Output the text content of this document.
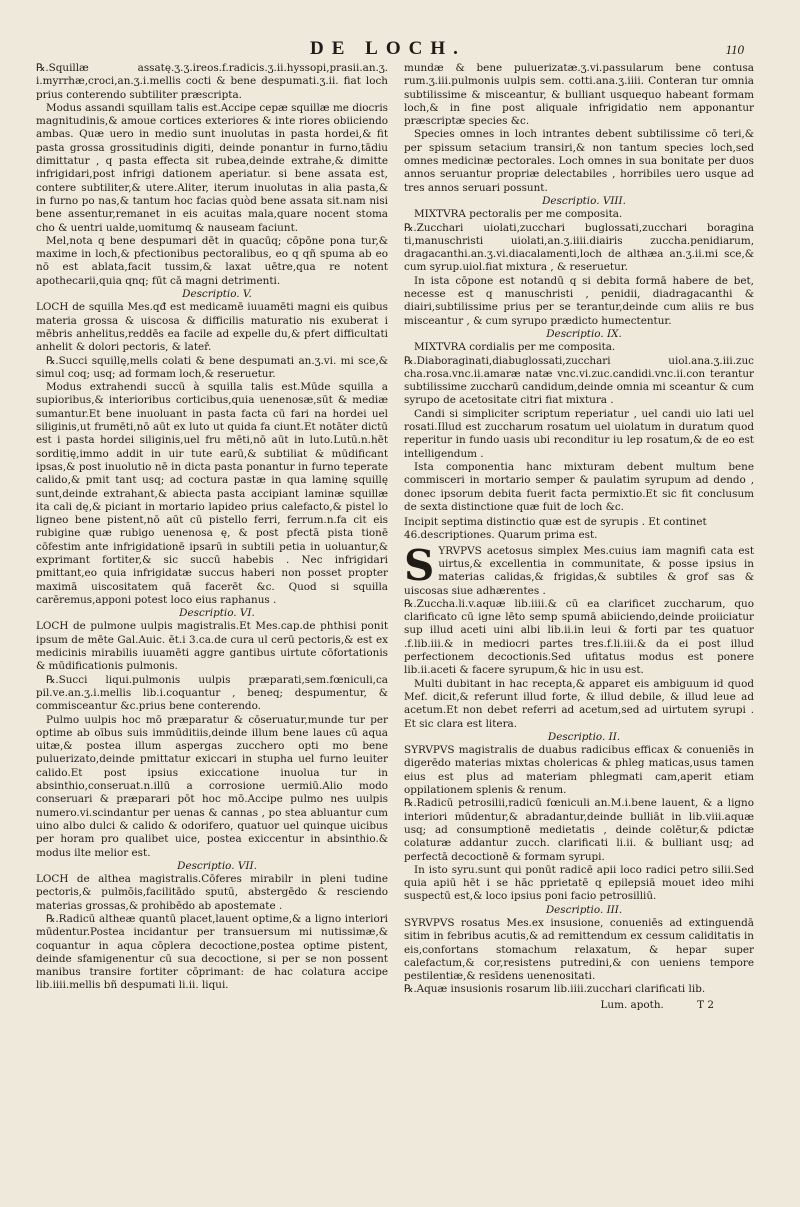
DE LOCH.	110

℞.Squillæ assatę.ʒ.ʒ.ireos.f.radicis.ʒ.ii.hyssopi,prasii.an.ʒ. i.myrrhæ,croci,an.ʒ.i.mellis cocti & bene despumati.ʒ.ii. fiat loch prius conterendo subtiliter præscripta.

Modus assandi squillam talis est.Accipe cepæ squillæ me diocris magnitudinis,& amoue cortices exteriores & inte riores obiiciendo ambas. Quæ uero in medio sunt inuolutas in pasta hordei,& fit pasta grossa grossitudinis digiti, deinde ponantur in furno,tādiu dimittatur , q pasta effecta sit rubea,deinde extrahe,& dimitte infrigidari,post infrigi dationem aperiatur. si bene assata est, contere subtiliter,& utere.Aliter, iterum inuolutas in alia pasta,& in furno po nas,& tantum hoc facias quòd bene assata sit.nam nisi bene assentur,remanet in eis acuitas mala,quare nocent stoma cho & uentri ualde,uomitumq & nauseam faciunt.

Mel,nota q bene despumari dēt in quacūq; cōpōne pona tur,& maxime in loch,& pfectionibus pectoralibus, eo q qñ spuma ab eo nō est ablata,facit tussim,& laxat uētre,qua re notent apothecarii,quia qnq; fūt cā magni detrimenti.

Descriptio. V.

LOCH de squilla Mes.qđ est medicamē iuuamēti magni eis quibus materia grossa & uiscosa & difficilis maturatio nis exuberat i mēbris anhelitus,reddēs ea facile ad expelle du,& pfert difficultati anhelit & dolori pectoris, & lateř.

℞.Succi squillę,mells colati & bene despumati an.ʒ.vi. mi sce,& simul coq; usq; ad formam loch,& reseruetur.

Modus extrahendi succū à squilla talis est.Mūde squilla a supioribus,& interioribus corticibus,quia uenenosæ,sūt & mediæ sumantur.Et bene inuoluant in pasta facta cū fari na hordei uel siliginis,ut frumēti,nō aūt ex luto ut quida fa ciunt.Et notāter dictū est i pasta hordei siliginis,uel fru mēti,nō aūt in luto.Lutū.n.hēt sorditię,immo addit in uir tute earū,& subtiliat & mūdificant ipsas,& post inuolutio nē in dicta pasta ponantur in furno teperate calido,& pmit tant usq; ad coctura pastæ in qua laminę squillę sunt,deinde extrahant,& abiecta pasta accipiant laminæ squillæ ita cali dę,& piciant in mortario lapideo prius calefacto,& pistel lo ligneo bene pistent,nō aūt cū pistello ferri, ferrum.n.fa cit eis rubigine quæ rubigo uenenosa ę, & post pfectā pista tionē cōfestim ante infrigidationē ipsarū in subtili petia in uoluantur,& exprimant fortiter,& sic succū habebis . Nec infrigidari pmittant,eo quia infrigidatæ succus haberi non posset propter maximā uiscositatem quā facerēt &c. Quod si squilla carēremus,apponi potest loco eius raphanus .

Descriptio. VI.

LOCH de pulmone uulpis magistralis.Et Mes.cap.de phthisi ponit ipsum de mēte Gal.Auic. ēt.i 3.ca.de cura ul cerū pectoris,& est ex medicinis mirabilis iuuamēti aggre gantibus uirtute cōfortationis & mūdificationis pulmonis.

℞.Succi liqui.pulmonis uulpis præparati,sem.fœniculi,ca pil.ve.an.ʒ.i.mellis lib.i.coquantur , beneq; despumentur, & commisceantur &c.prius bene conterendo.

Pulmo uulpis hoc mō præparatur & cōseruatur,munde tur per optime ab oībus suis immūditiis,deinde illum bene laues cū aqua uitæ,& postea illum aspergas zucchero opti mo bene puluerizato,deinde pmittatur exiccari in stupha uel furno leuiter calido.Et post ipsius exiccatione inuolua tur in absinthio,conseruat.n.illū a corrosione uermiū.Alio modo conseruari & præparari pōt hoc mō.Accipe pulmo nes uulpis numero.vi.scindantur per uenas & cannas , po stea abluantur cum uino albo dulci & calido & odorifero, quatuor uel quinque uicibus per horam pro qualibet uice, postea exiccentur in absinthio.& modus ilte melior est.

Descriptio. VII.

LOCH de althea magistralis.Cōferes mirabilr in pleni tudine pectoris,& pulmōis,facilitādo sputū, abstergēdo & resciendo materias grossas,& prohibēdo ab apostemate .

℞.Radicū altheæ quantū placet,lauent optime,& a ligno interiori mūdentur.Postea incidantur per transuersum mi nutissimæ,& coquantur in aqua cōplera decoctione,postea optime pistent, deinde sfamigenentur cū sua decoctione, si per se non possent manibus transire fortiter cōprimant: de hac colatura accipe lib.iiii.mellis bñ despumati li.ii. liqui.

mundæ & bene puluerizatæ.ʒ.vi.passularum bene contusa rum.ʒ.iii.pulmonis uulpis sem. cotti.ana.ʒ.iiii. Conteran tur omnia subtilissime & misceantur, & bulliant usquequo habeant formam loch,& in fine post aliquale infrigidatio nem apponantur præscriptæ species &c.

Species omnes in loch intrantes debent subtilissime cō teri,& per spissum setacium transiri,& non tantum species loch,sed omnes medicinæ pectorales. Loch omnes in sua bonitate per duos annos seruantur propriæ delectabiles , horribiles uero usque ad tres annos seruari possunt.

Descriptio. VIII.

MIXTVRA pectoralis per me composita.

℞.Zucchari uiolati,zucchari buglossati,zucchari boragina ti,manuschristi uiolati,an.ʒ.iiii.diairis zuccha.penidiarum, dragacanthi.an.ʒ.vi.diacalamenti,loch de althæa an.ʒ.ii.mi sce,& cum syrup.uiol.fiat mixtura , & reseruetur.

In ista cōpone est notandū q si debita formā habere de bet, necesse est q manuschristi , penidii, diadragacanthi & diairi,subtilissime prius per se terantur,deinde cum aliis re bus misceantur , & cum syrupo prædicto humectentur.

Descriptio. IX.

MIXTVRA cordialis per me composita.

℞.Diaboraginati,diabuglossati,zucchari uiol.ana.ʒ.iii.zuc cha.rosa.vnc.ii.amaræ natæ vnc.vi.zuc.candidi.vnc.ii.con terantur subtilissime zuccharū candidum,deinde omnia mi sceantur & cum syrupo de acetositate citri fiat mixtura .

Candi si simpliciter scriptum reperiatur , uel candi uio lati uel rosati.Illud est zuccharum rosatum uel uiolatum in duratum quod reperitur in fundo uasis ubi reconditur iu lep rosatum,& de eo est intelligendum .

Ista componentia hanc mixturam debent multum bene commisceri in mortario semper & paulatim syrupum ad dendo , donec ipsorum debita fuerit facta permixtio.Et sic fit conclusum de sexta distinctione quæ fuit de loch &c.

Incipit septima distinctio quæ est de syrupis . Et continet 46.descriptiones. Quarum prima est.

SYRVPVS acetosus simplex Mes.cuius iam magnifi cata est uirtus,& excellentia in communitate, & posse ipsius in materias calidas,& frigidas,& subtiles & grof sas & uiscosas siue adhærentes .

℞.Zuccha.li.v.aquæ lib.iiii.& cū ea clarificet zuccharum, quo clarificato cū igne lēto semp spumā abiiciendo,deinde proiiciatur sup illud aceti uini albi lib.ii.in leui & forti par tes quatuor .f.lib.iii.& in mediocri partes tres.f.li.iii.& da ei post illud perfectionem decoctionis.Sed ufitatus modus est ponere lib.ii.aceti & facere syrupum,& hic in usu est.

Multi dubitant in hac recepta,& apparet eis ambiguum id quod Mef. dicit,& referunt illud forte, & illud debile, & illud leue ad acetum.Et non debet referri ad acetum,sed ad uirtutem syrupi . Et sic clara est litera.

Descriptio. II.

SYRVPVS magistralis de duabus radicibus efficax & conueniēs in digerēdo materias mixtas cholericas & phleg maticas,usus tamen eius est plus ad materiam phlegmati cam,aperit etiam oppilationem splenis & renum.

℞.Radicū petrosilii,radicū fœniculi an.M.i.bene lauent, & a ligno interiori mūdentur,& abradantur,deinde bulliāt in lib.viii.aquæ usq; ad consumptionē medietatis , deinde colētur,& pdictæ colaturæ addantur zucch. clarificati li.ii. & bulliant usq; ad perfectā decoctionē & formam syrupi.

In isto syru.sunt qui ponūt radicē apii loco radici petro silii.Sed quia apiū hēt i se hāc pprietatē q epilepsiā mouet ideo mihi suspectū est,& loco ipsius poni facio petrosilliū.

Descriptio. III.

SYRVPVS rosatus Mes.ex insusione, conueniēs ad extinguendā sitim in febribus acutis,& ad remittendum ex cessum caliditatis in eis,confortans stomachum relaxatum, & hepar super calefactum,& cor,resistens putredini,& con ueniens tempore pestilentiæ,& resīdens uenenositati.

℞.Aquæ insusionis rosarum lib.iiii.zucchari clarificati lib.

Lum. apoth.	T 2
